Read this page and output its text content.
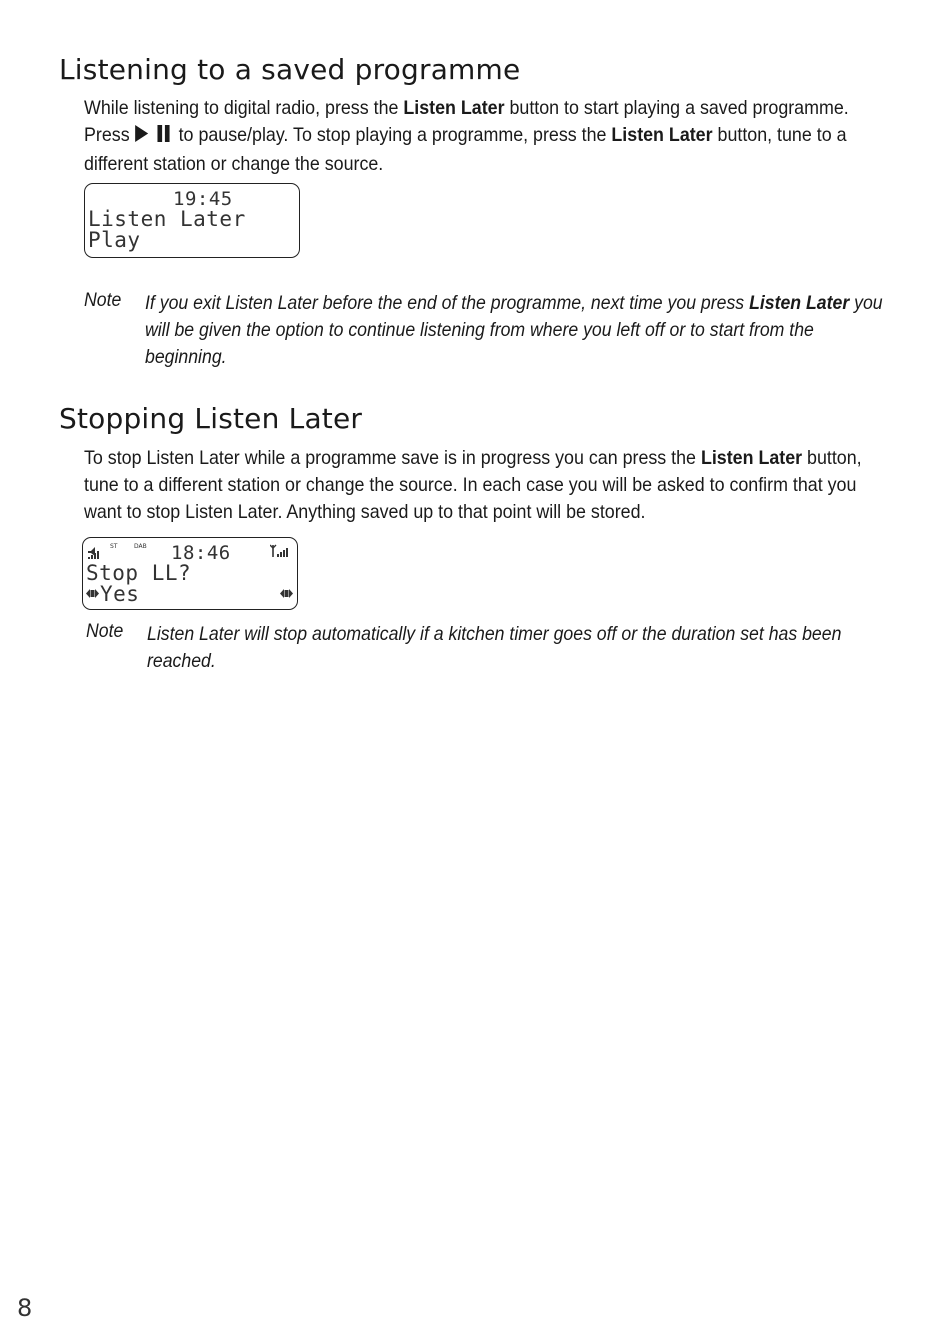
Listening to a saved programme

While listening to digital radio, press the Listen Later button to start playing a saved programme. Press  to pause/play. To stop playing a programme, press the Listen Later button, tune to a different station or change the source.

19:45
Listen Later
Play
Note If you exit Listen Later before the end of the programme, next time you press Listen Later you will be given the option to continue listening from where you left off or to start from the beginning.

Stopping Listen Later

To stop Listen Later while a programme save is in progress you can press the Listen Later button, tune to a different station or change the source. In each case you will be asked to confirm that you want to stop Listen Later. Anything saved up to that point will be stored.

ST	DAB 18:46
Stop LL?
Yes
Note Listen Later will stop automatically if a kitchen timer goes off or the duration set has been reached.

8
